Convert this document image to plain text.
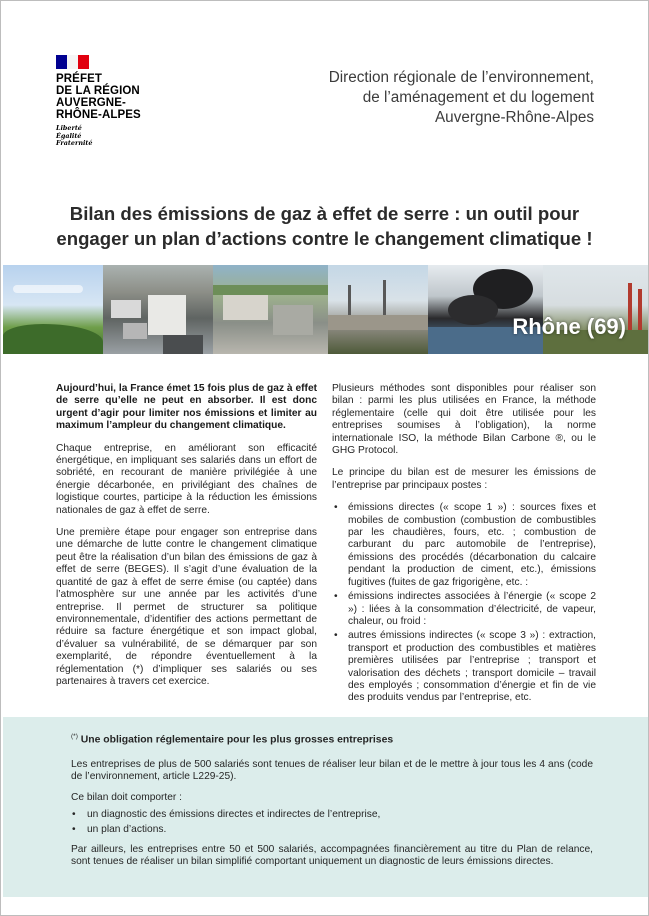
PRÉFET
DE LA RÉGION
AUVERGNE-
RHÔNE-ALPES
Liberté
Égalité
Fraternité
Direction régionale de l’environnement,
de l’aménagement et du logement
Auvergne-Rhône-Alpes
Bilan des émissions de gaz à effet de serre : un outil pour
engager un plan d’actions contre le changement climatique !
Rhône (69)

Aujourd’hui, la France émet 15 fois plus de gaz à effet de serre qu’elle ne peut en absorber. Il est donc urgent d’agir pour limiter nos émissions et limiter au maximum l’ampleur du changement climatique.

Chaque entreprise, en améliorant son efficacité énergétique, en impliquant ses salariés dans un effort de sobriété, en recourant de manière privilégiée à une énergie décarbonée, en privilégiant des chaînes de logistique courtes, participe à la réduction les émissions nationales de gaz à effet de serre.

Une première étape pour engager son entreprise dans une démarche de lutte contre le changement climatique peut être la réalisation d’un bilan des émissions de gaz à effet de serre (BEGES). Il s’agit d’une évaluation de la quantité de gaz à effet de serre émise (ou captée) dans l’atmosphère sur une année par les activités d’une entreprise. Il permet de structurer sa politique environnementale, d’identifier des actions permettant de réduire sa facture énergétique et son impact global, d’évaluer sa vulnérabilité, de se démarquer par son exemplarité, de répondre éventuellement à la réglementation (*) d’impliquer ses salariés ou ses partenaires à travers cet exercice.

Plusieurs méthodes sont disponibles pour réaliser son bilan : parmi les plus utilisées en France, la méthode réglementaire (celle qui doit être utilisée pour les entreprises soumises à l’obligation), la norme internationale ISO, la méthode Bilan Carbone ®, ou le GHG Protocol.

Le principe du bilan est de mesurer les émissions de l’entreprise par principaux postes :

• émissions directes (« scope 1 ») : sources fixes et mobiles de combustion (combustion de combustibles par les chaudières, fours, etc. ; combustion de carburant du parc automobile de l’entreprise), émissions des procédés (décarbonation du calcaire pendant la production de ciment, etc.), émissions fugitives (fuites de gaz frigorigène, etc. :
• émissions indirectes associées à l’énergie (« scope 2 ») : liées à la consommation d’électricité, de vapeur, chaleur, ou froid :
• autres émissions indirectes (« scope 3 ») : extraction, transport et production des combustibles et matières premières utilisées par l’entreprise ; transport et valorisation des déchets ; transport domicile – travail des employés ; consommation d’énergie et fin de vie des produits vendus par l’entreprise, etc.

(*) Une obligation réglementaire pour les plus grosses entreprises

Les entreprises de plus de 500 salariés sont tenues de réaliser leur bilan et de le mettre à jour tous les 4 ans (code de l’environnement, article L229-25).

Ce bilan doit comporter :

• un diagnostic des émissions directes et indirectes de l’entreprise,
• un plan d’actions.

Par ailleurs, les entreprises entre 50 et 500 salariés, accompagnées financièrement au titre du Plan de relance, sont tenues de réaliser un bilan simplifié comportant uniquement un diagnostic de leurs émissions directes.
